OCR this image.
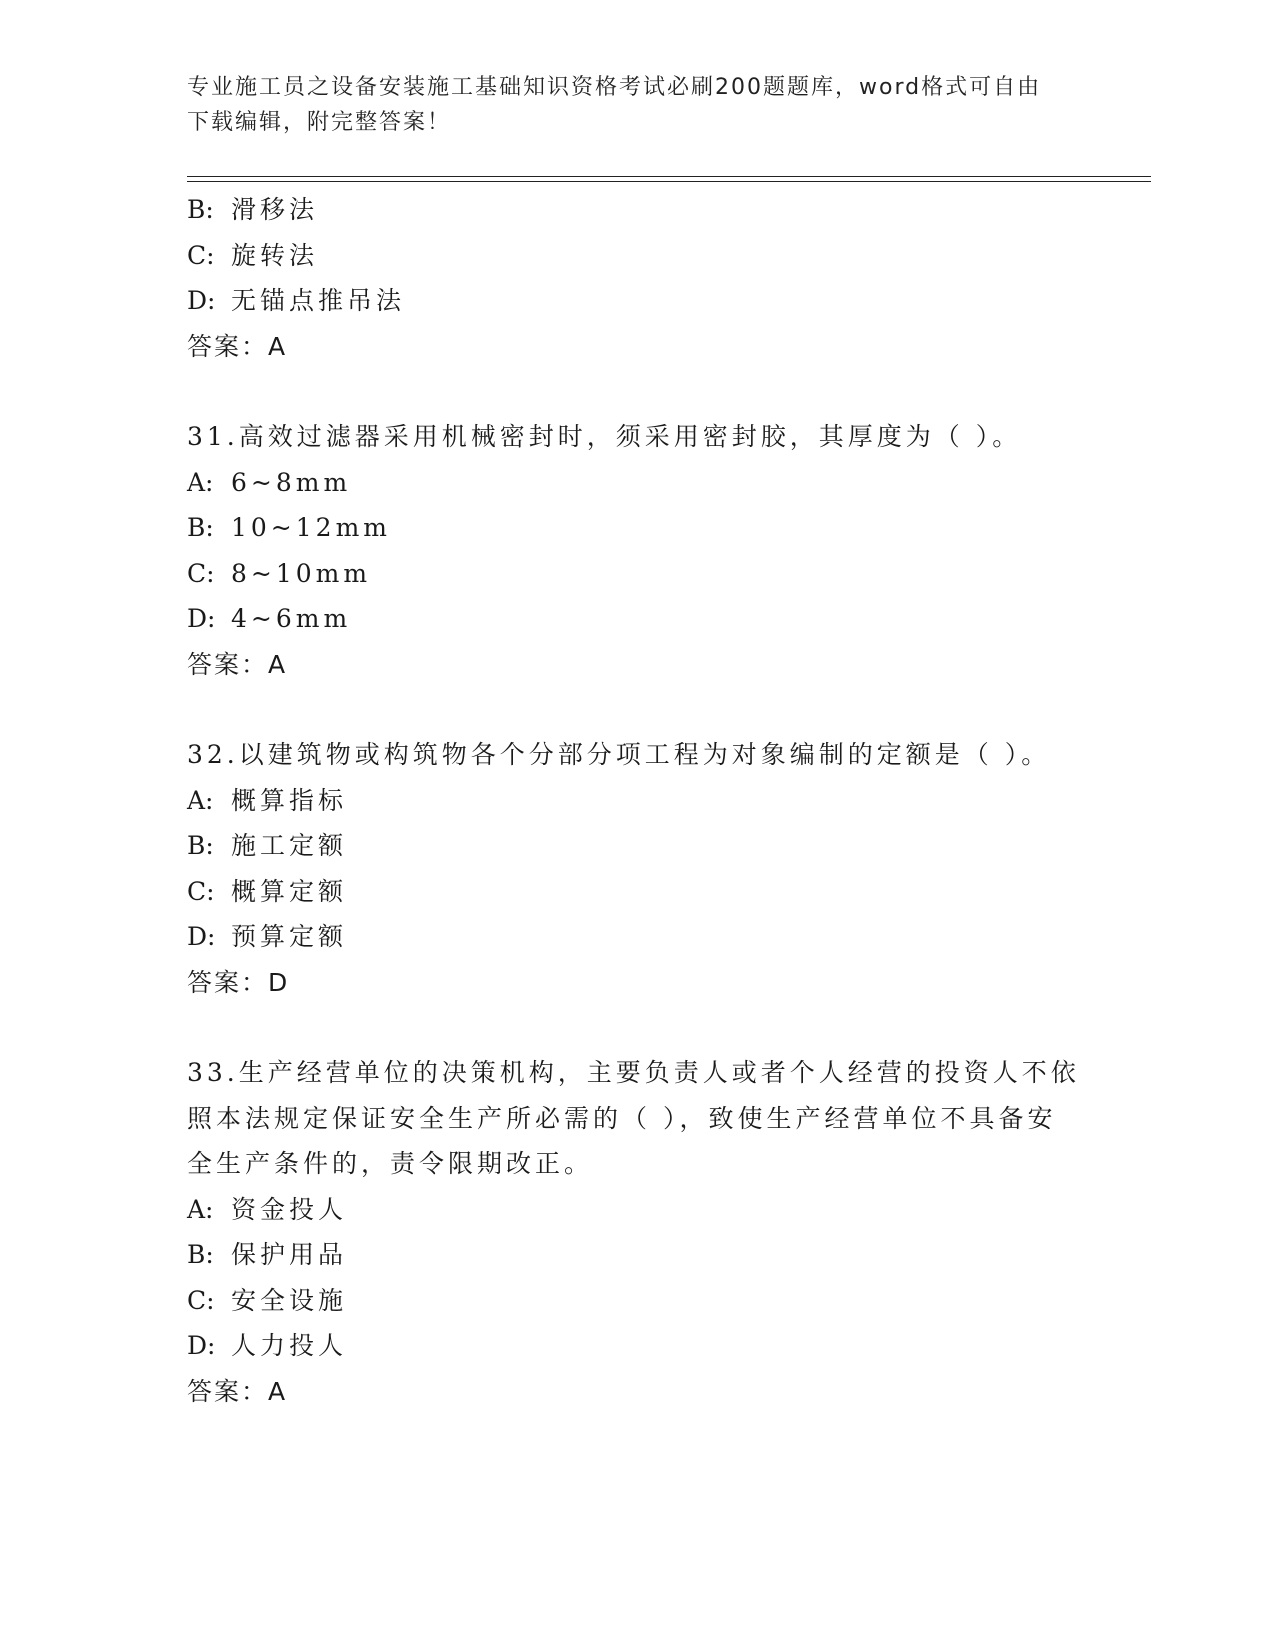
专业施工员之设备安装施工基础知识资格考试必刷200题题库，word格式可自由
下载编辑，附完整答案！
B: 滑移法
C: 旋转法
D: 无锚点推吊法
答案：A
31.高效过滤器采用机械密封时，须采用密封胶，其厚度为（ ）。
A: 6~8mm
B: 10~12mm
C: 8~10mm
D: 4~6mm
答案：A
32.以建筑物或构筑物各个分部分项工程为对象编制的定额是（ ）。
A: 概算指标
B: 施工定额
C: 概算定额
D: 预算定额
答案：D
33.生产经营单位的决策机构，主要负责人或者个人经营的投资人不依
照本法规定保证安全生产所必需的（ ），致使生产经营单位不具备安
全生产条件的，责令限期改正。
A: 资金投人
B: 保护用品
C: 安全设施
D: 人力投人
答案：A
